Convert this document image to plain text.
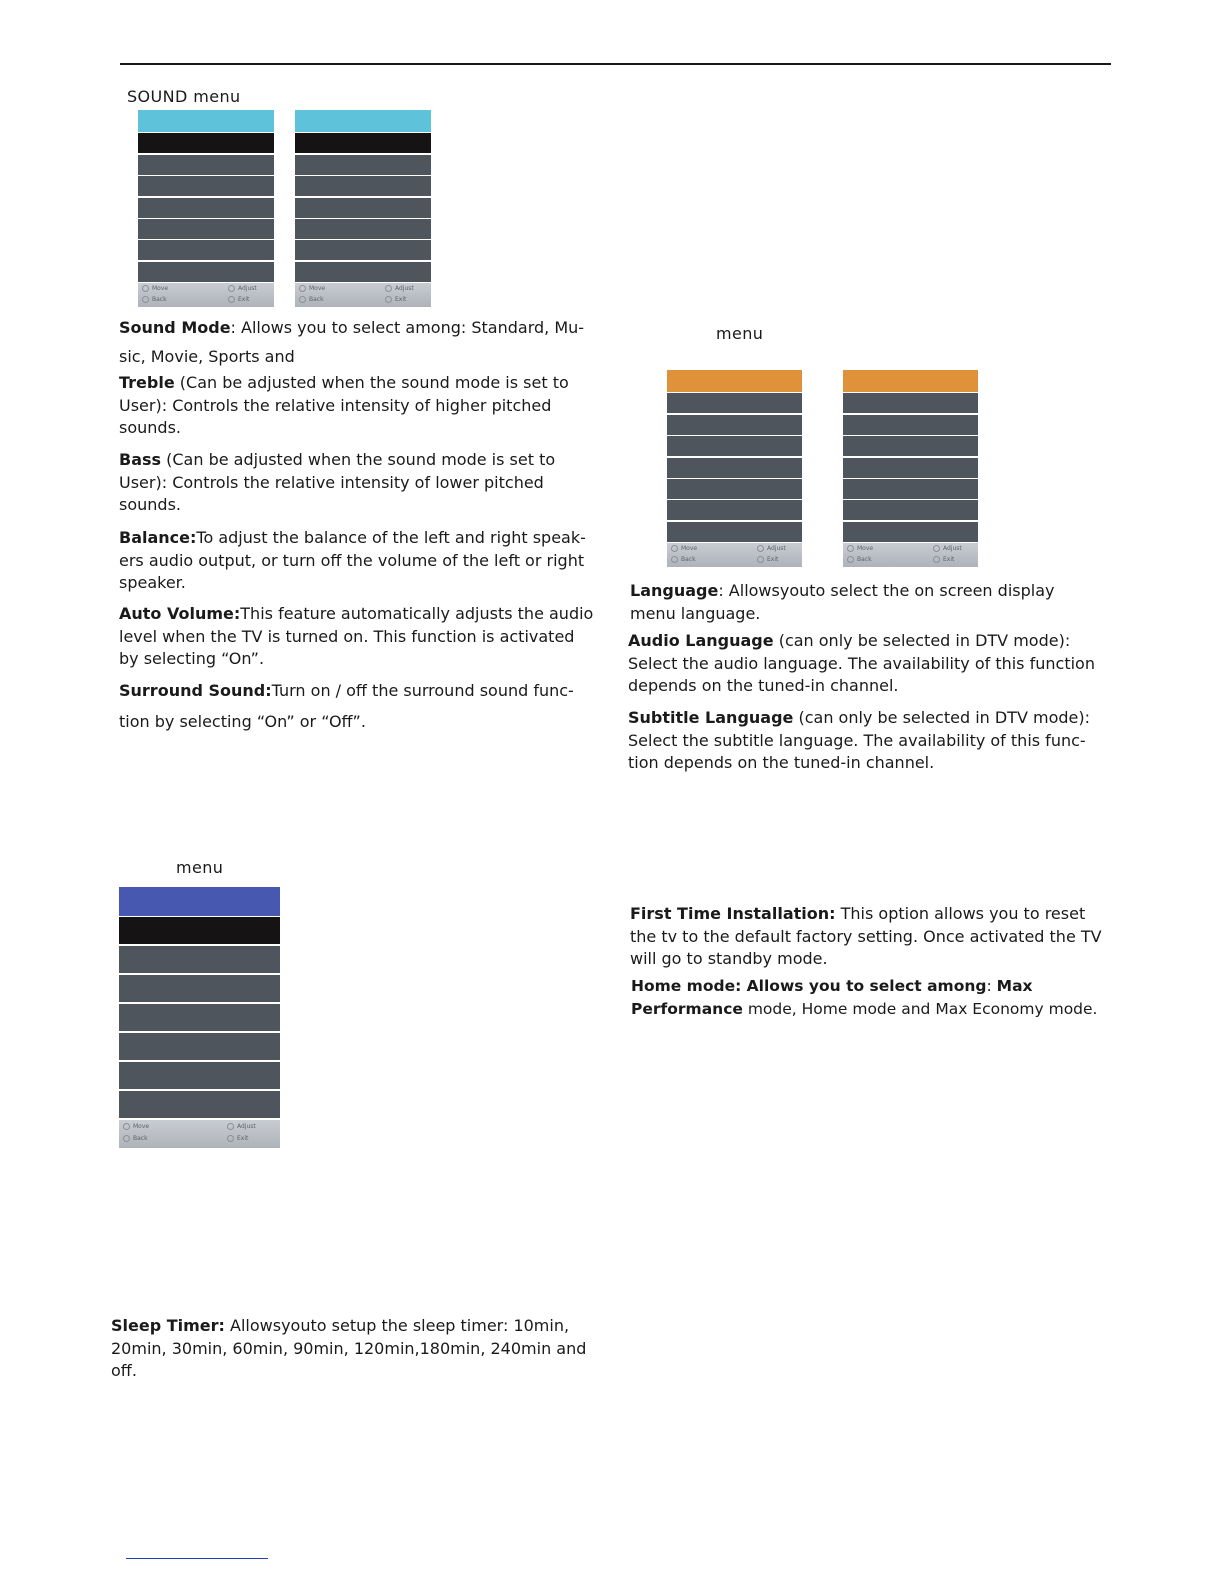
SOUND menu
Move	Adjust
Back	Exit
Move	Adjust
Back	Exit
Sound Mode: Allows you to select among: Standard, Mu-
sic, Movie, Sports and
Treble (Can be adjusted when the sound mode is set to User): Controls the relative intensity of higher pitched sounds.
Bass (Can be adjusted when the sound mode is set to User): Controls the relative intensity of lower pitched sounds.
Balance:To adjust the balance of the left and right speak-ers audio output, or turn off the volume of the left or right speaker.
Auto Volume:This feature automatically adjusts the audio level when the TV is turned on. This function is activated by selecting “On”.
Surround Sound:Turn on / off the surround sound func-
tion by selecting “On” or “Off”.
menu
Move	Adjust
Back	Exit
Move	Adjust
Back	Exit
Language: Allowsyouto select the on screen display menu language.
Audio Language (can only be selected in DTV mode): Select the audio language. The availability of this function depends on the tuned-in channel.
Subtitle Language (can only be selected in DTV mode): Select the subtitle language. The availability of this func-tion depends on the tuned-in channel.
menu
Move	Adjust
Back	Exit
Sleep Timer: Allowsyouto setup the sleep timer: 10min, 20min, 30min, 60min, 90min, 120min,180min, 240min and off.
First Time Installation: This option allows you to reset the tv to the default factory setting. Once activated the TV will go to standby mode.
Home mode: Allows you to select among: Max Performance mode, Home mode and Max Economy mode.
